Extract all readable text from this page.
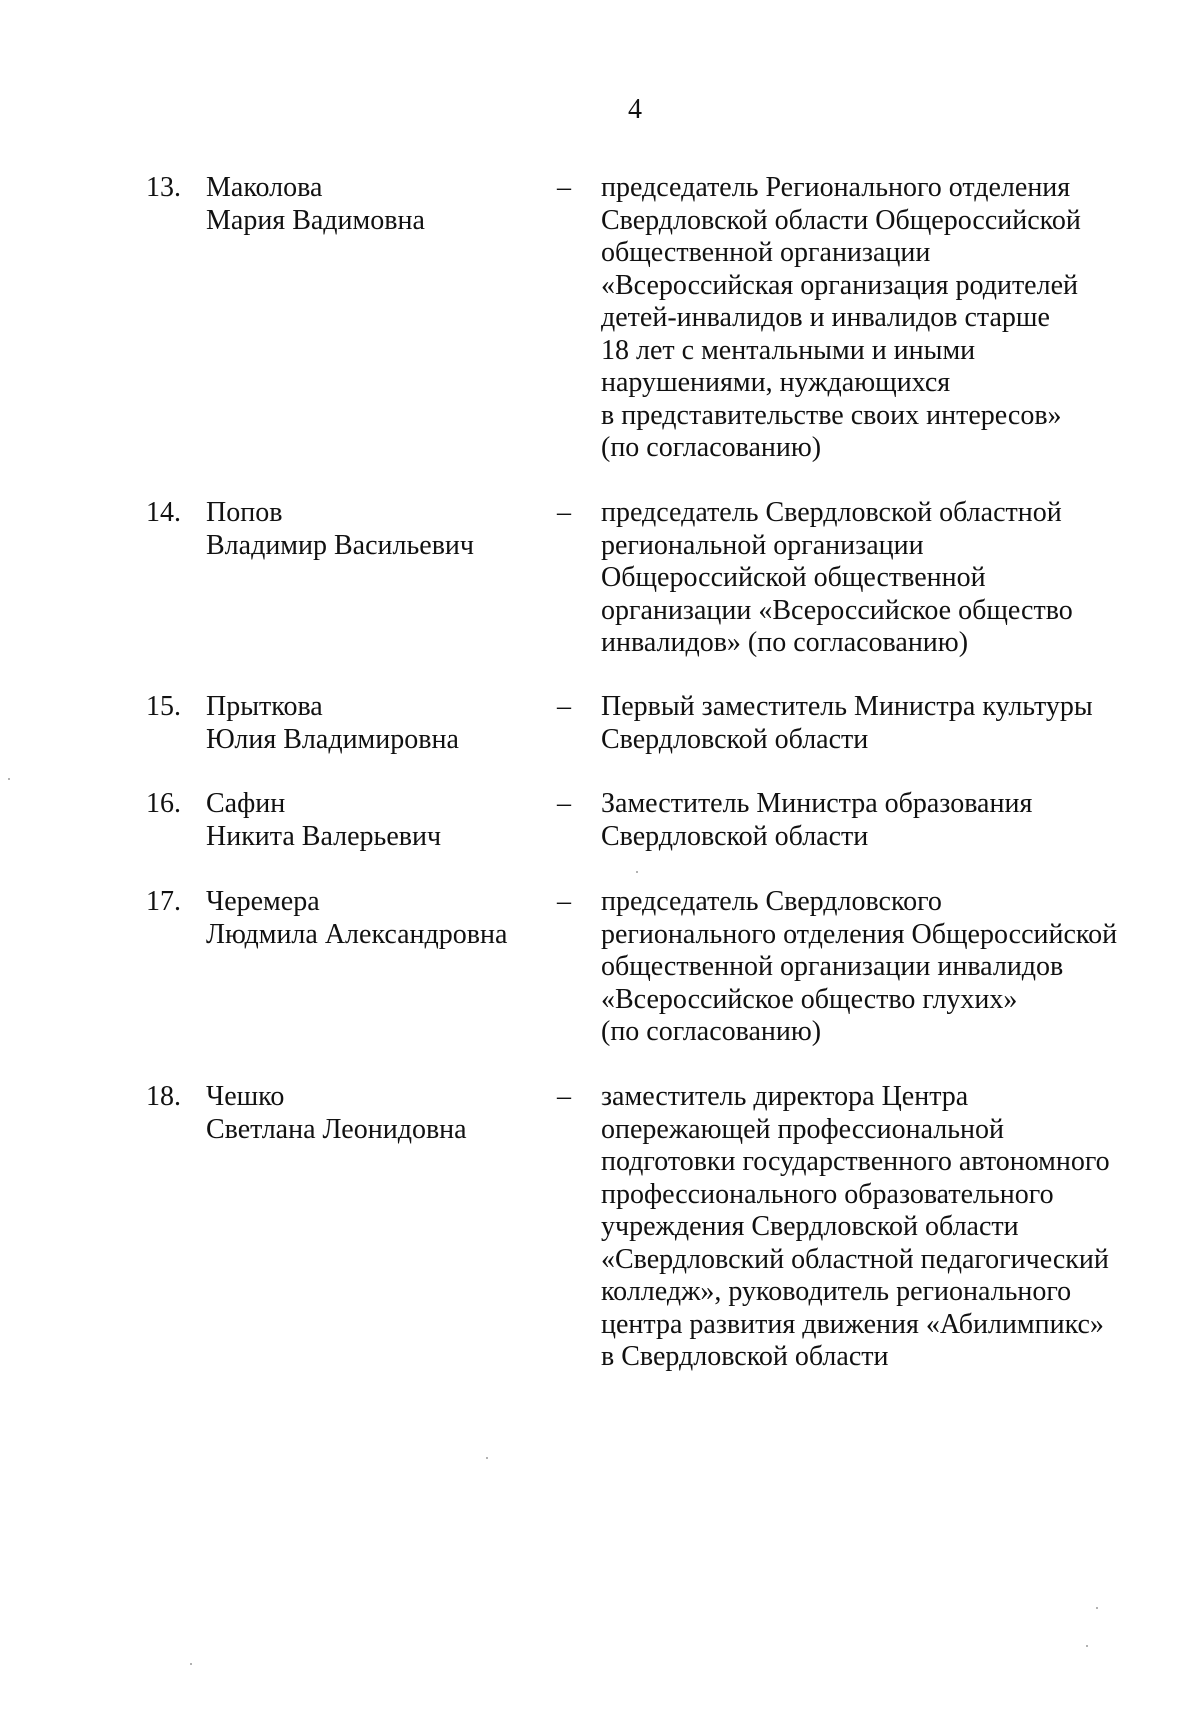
4
13. Маколова
Мария Вадимовна
– председатель Регионального отделения
Свердловской области Общероссийской
общественной организации
«Всероссийская организация родителей
детей-инвалидов и инвалидов старше
18 лет с ментальными и иными
нарушениями, нуждающихся
в представительстве своих интересов»
(по согласованию)
14. Попов
Владимир Васильевич
– председатель Свердловской областной
региональной организации
Общероссийской общественной
организации «Всероссийское общество
инвалидов» (по согласованию)
15. Прыткова
Юлия Владимировна
– Первый заместитель Министра культуры
Свердловской области
16. Сафин
Никита Валерьевич
– Заместитель Министра образования
Свердловской области
17. Черемера
Людмила Александровна
– председатель Свердловского
регионального отделения Общероссийской
общественной организации инвалидов
«Всероссийское общество глухих»
(по согласованию)
18. Чешко
Светлана Леонидовна
– заместитель директора Центра
опережающей профессиональной
подготовки государственного автономного
профессионального образовательного
учреждения Свердловской области
«Свердловский областной педагогический
колледж», руководитель регионального
центра развития движения «Абилимпикс»
в Свердловской области
